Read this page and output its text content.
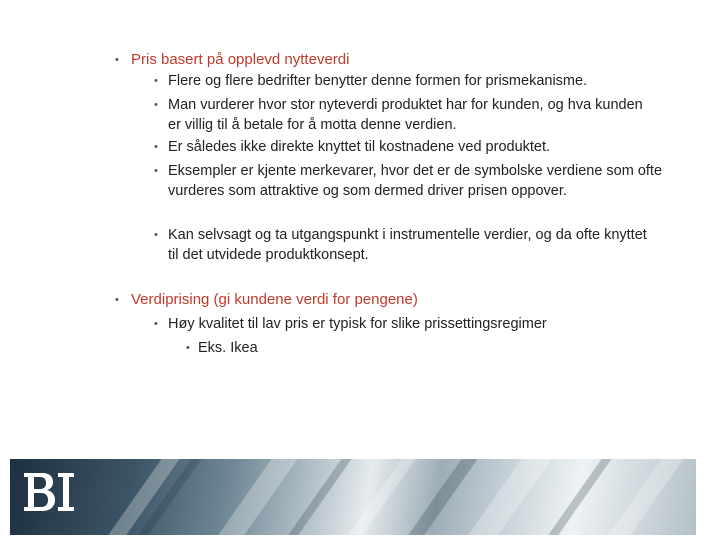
• Pris basert på opplevd nytteverdi
• Flere og flere bedrifter benytter denne formen for prismekanisme.
• Man vurderer hvor stor nyteverdi produktet har for kunden, og hva kunden er villig til å betale for å motta denne verdien.
• Er således ikke direkte knyttet til kostnadene ved produktet.
• Eksempler er kjente merkevarer, hvor det er de symbolske verdiene som ofte vurderes som attraktive og som dermed driver prisen oppover.
• Kan selvsagt og ta utgangspunkt i instrumentelle verdier, og da ofte knyttet til det utvidede produktkonsept.
• Verdiprising (gi kundene verdi for pengene)
• Høy kvalitet til lav pris er typisk for slike prissettingsregimer
• Eks. Ikea
